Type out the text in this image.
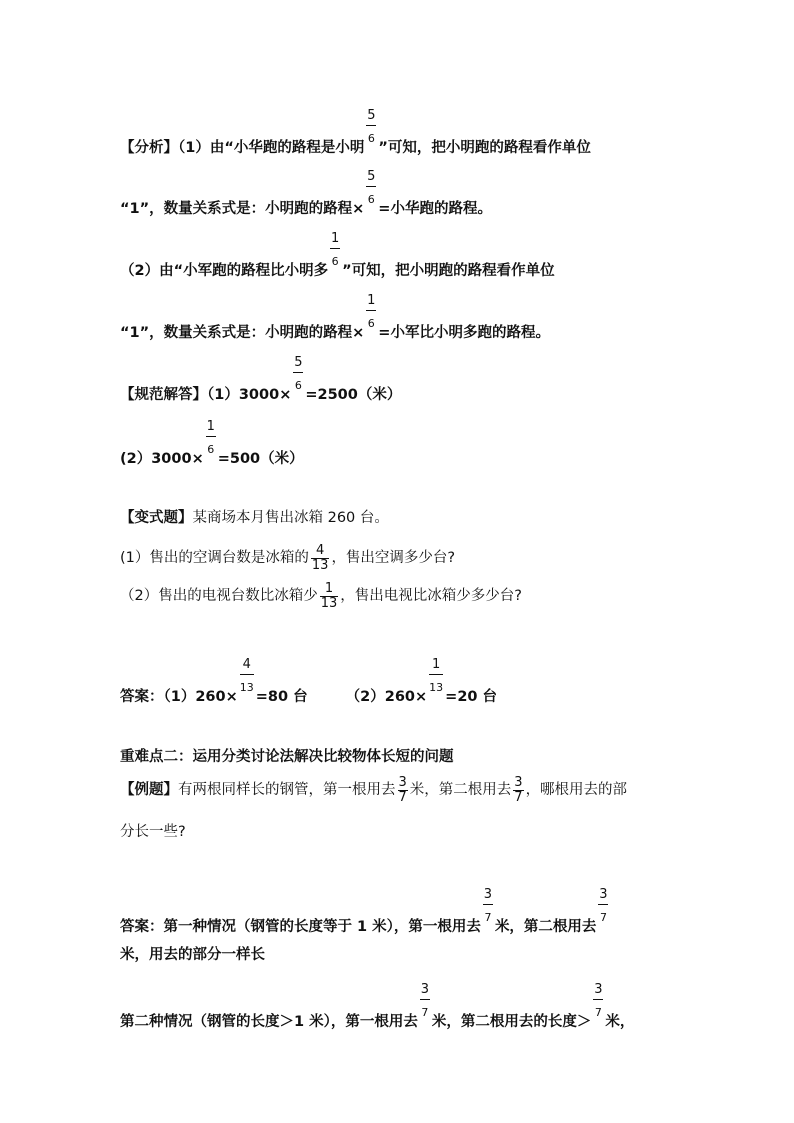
【分析】（1）由“小华跑的路程是小明 $\frac{5}{6}$ ”可知，把小明跑的路程看作单位
“1”，数量关系式是：小明跑的路程× $\frac{5}{6}$ =小华跑的路程。
（2）由“小军跑的路程比小明多 $\frac{1}{6}$ ”可知，把小明跑的路程看作单位
“1”，数量关系式是：小明跑的路程× $\frac{1}{6}$ =小军比小明多跑的路程。
【规范解答】$(1)3000\times \frac{5}{6} =2500$（米）
$(2)3000\times \frac{1}{6} =500$（米）
【变式题】某商场本月售出冰箱 260 台。
(1）售出的空调台数是冰箱的 $\frac{4}{13}$ ，售出空调多少台?
（2）售出的电视台数比冰箱少 $\frac{1}{13}$ ，售出电视比冰箱少多少台?
答案：$(1)260\times \frac{4}{13} =80$ 台	$(2)260\times \frac{1}{13} =20$ 台
重难点二：运用分类讨论法解决比较物体长短的问题
【例题】 有两根同样长的钢管，第一根用去 $\frac{3}{7}$ 米，第二根用去 $\frac{3}{7}$ ，哪根用去的部
分长一些?
答案：第一种情况（钢管的长度等于 1 米），第一根用去 $\frac{3}{7}$ 米，第二根用去 $\frac{3}{7}$
米，用去的部分一样长
第二种情况（钢管的长度＞1 米），第一根用去 $\frac{3}{7}$ 米，第二根用去的长度＞ $\frac{3}{7}$ 米，
